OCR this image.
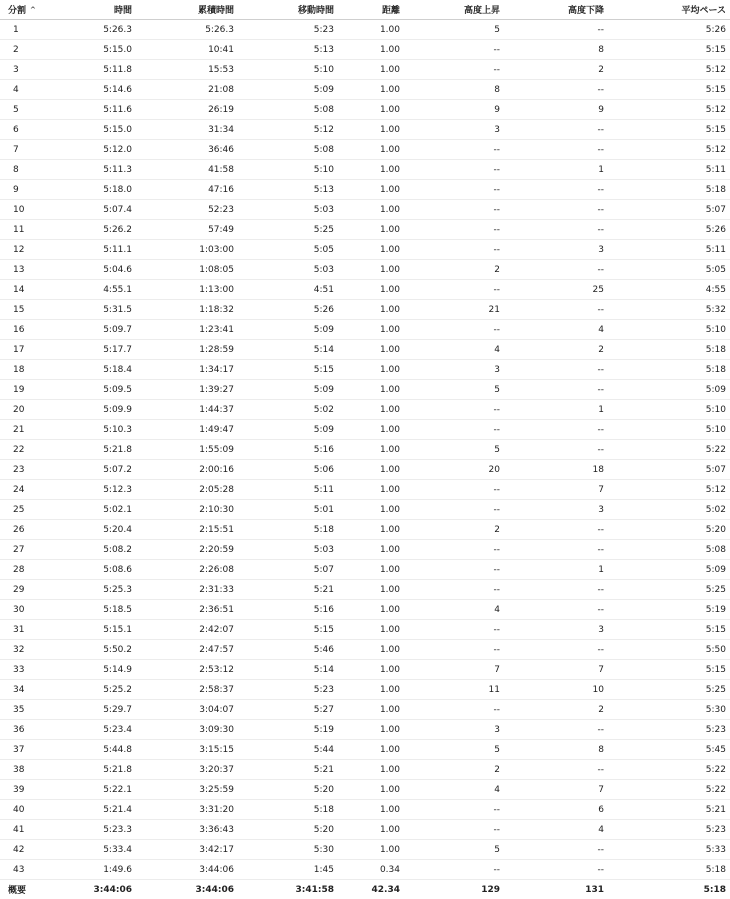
分割 ^	時間	累積時間	移動時間	距離	高度上昇	高度下降	平均ペース
1	5:26.3	5:26.3	5:23	1.00	5	--	5:26
2	5:15.0	10:41	5:13	1.00	--	8	5:15
3	5:11.8	15:53	5:10	1.00	--	2	5:12
4	5:14.6	21:08	5:09	1.00	8	--	5:15
5	5:11.6	26:19	5:08	1.00	9	9	5:12
6	5:15.0	31:34	5:12	1.00	3	--	5:15
7	5:12.0	36:46	5:08	1.00	--	--	5:12
8	5:11.3	41:58	5:10	1.00	--	1	5:11
9	5:18.0	47:16	5:13	1.00	--	--	5:18
10	5:07.4	52:23	5:03	1.00	--	--	5:07
11	5:26.2	57:49	5:25	1.00	--	--	5:26
12	5:11.1	1:03:00	5:05	1.00	--	3	5:11
13	5:04.6	1:08:05	5:03	1.00	2	--	5:05
14	4:55.1	1:13:00	4:51	1.00	--	25	4:55
15	5:31.5	1:18:32	5:26	1.00	21	--	5:32
16	5:09.7	1:23:41	5:09	1.00	--	4	5:10
17	5:17.7	1:28:59	5:14	1.00	4	2	5:18
18	5:18.4	1:34:17	5:15	1.00	3	--	5:18
19	5:09.5	1:39:27	5:09	1.00	5	--	5:09
20	5:09.9	1:44:37	5:02	1.00	--	1	5:10
21	5:10.3	1:49:47	5:09	1.00	--	--	5:10
22	5:21.8	1:55:09	5:16	1.00	5	--	5:22
23	5:07.2	2:00:16	5:06	1.00	20	18	5:07
24	5:12.3	2:05:28	5:11	1.00	--	7	5:12
25	5:02.1	2:10:30	5:01	1.00	--	3	5:02
26	5:20.4	2:15:51	5:18	1.00	2	--	5:20
27	5:08.2	2:20:59	5:03	1.00	--	--	5:08
28	5:08.6	2:26:08	5:07	1.00	--	1	5:09
29	5:25.3	2:31:33	5:21	1.00	--	--	5:25
30	5:18.5	2:36:51	5:16	1.00	4	--	5:19
31	5:15.1	2:42:07	5:15	1.00	--	3	5:15
32	5:50.2	2:47:57	5:46	1.00	--	--	5:50
33	5:14.9	2:53:12	5:14	1.00	7	7	5:15
34	5:25.2	2:58:37	5:23	1.00	11	10	5:25
35	5:29.7	3:04:07	5:27	1.00	--	2	5:30
36	5:23.4	3:09:30	5:19	1.00	3	--	5:23
37	5:44.8	3:15:15	5:44	1.00	5	8	5:45
38	5:21.8	3:20:37	5:21	1.00	2	--	5:22
39	5:22.1	3:25:59	5:20	1.00	4	7	5:22
40	5:21.4	3:31:20	5:18	1.00	--	6	5:21
41	5:23.3	3:36:43	5:20	1.00	--	4	5:23
42	5:33.4	3:42:17	5:30	1.00	5	--	5:33
43	1:49.6	3:44:06	1:45	0.34	--	--	5:18
概要	3:44:06	3:44:06	3:41:58	42.34	129	131	5:18
